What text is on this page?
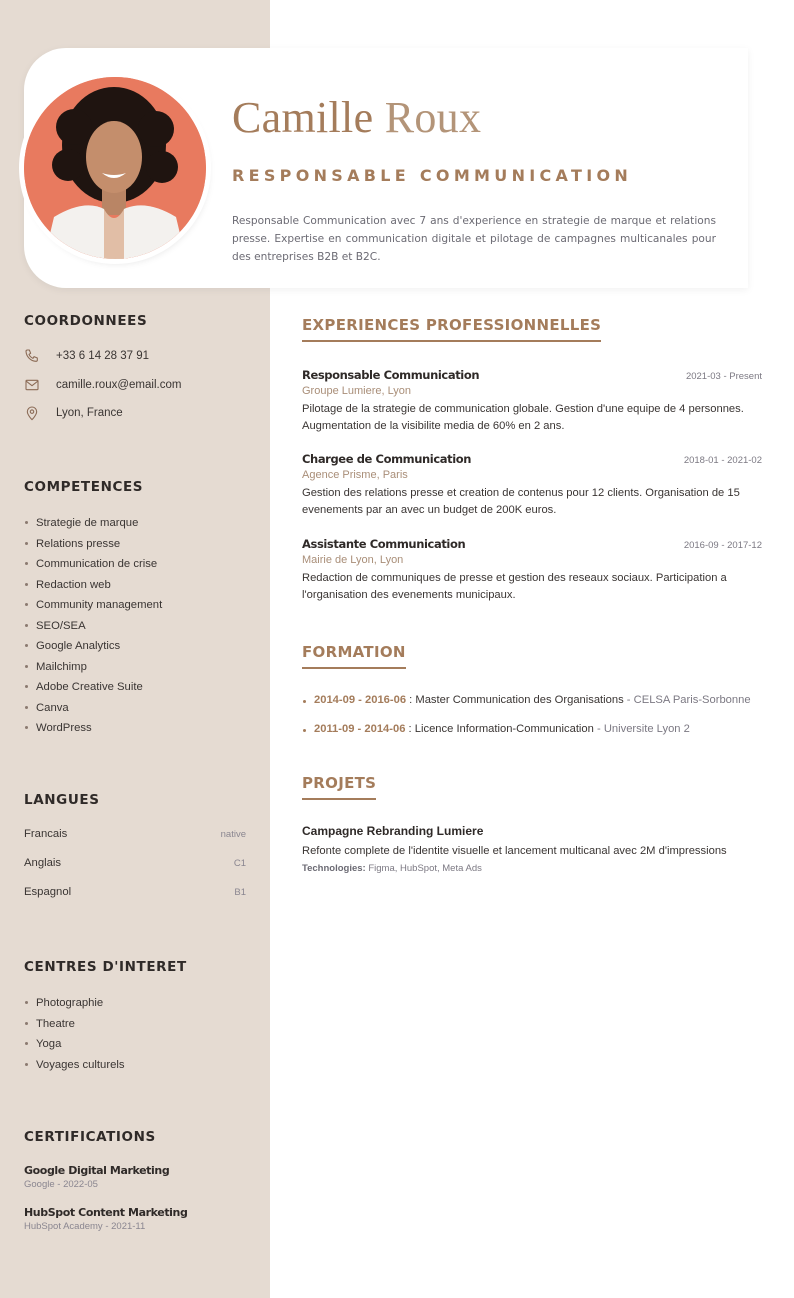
Camille Roux
RESPONSABLE COMMUNICATION
Responsable Communication avec 7 ans d'experience en strategie de marque et relations presse. Expertise en communication digitale et pilotage de campagnes multicanales pour des entreprises B2B et B2C.
COORDONNEES
+33 6 14 28 37 91
camille.roux@email.com
Lyon, France
COMPETENCES
Strategie de marque
Relations presse
Communication de crise
Redaction web
Community management
SEO/SEA
Google Analytics
Mailchimp
Adobe Creative Suite
Canva
WordPress
LANGUES
Francais	native
Anglais	C1
Espagnol	B1
CENTRES D'INTERET
Photographie
Theatre
Yoga
Voyages culturels
CERTIFICATIONS
Google Digital Marketing
Google - 2022-05
HubSpot Content Marketing
HubSpot Academy - 2021-11
EXPERIENCES PROFESSIONNELLES
Responsable Communication	2021-03 - Present
Groupe Lumiere, Lyon
Pilotage de la strategie de communication globale. Gestion d'une equipe de 4 personnes. Augmentation de la visibilite media de 60% en 2 ans.
Chargee de Communication	2018-01 - 2021-02
Agence Prisme, Paris
Gestion des relations presse et creation de contenus pour 12 clients. Organisation de 15 evenements par an avec un budget de 200K euros.
Assistante Communication	2016-09 - 2017-12
Mairie de Lyon, Lyon
Redaction de communiques de presse et gestion des reseaux sociaux. Participation a l'organisation des evenements municipaux.
FORMATION
2014-09 - 2016-06 : Master Communication des Organisations - CELSA Paris-Sorbonne
2011-09 - 2014-06 : Licence Information-Communication - Universite Lyon 2
PROJETS
Campagne Rebranding Lumiere
Refonte complete de l'identite visuelle et lancement multicanal avec 2M d'impressions
Technologies: Figma, HubSpot, Meta Ads
